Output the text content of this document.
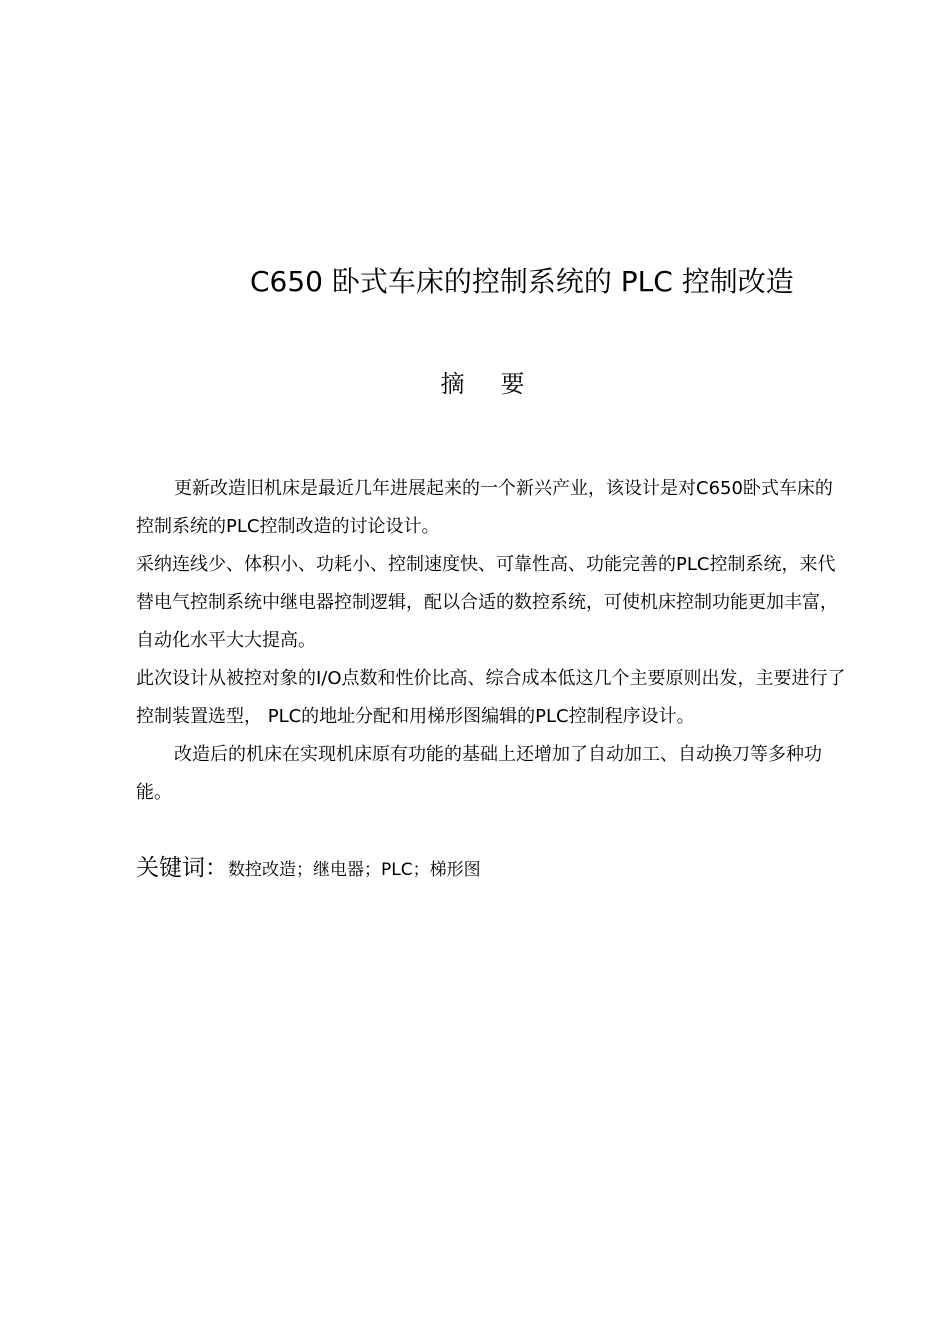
C650 卧式车床的控制系统的 PLC 控制改造
摘 要

更新改造旧机床是最近几年进展起来的一个新兴产业，该设计是对C650卧式车床的控制系统的PLC控制改造的讨论设计。

采纳连线少、体积小、功耗小、控制速度快、可靠性高、功能完善的PLC控制系统，来代替电气控制系统中继电器控制逻辑，配以合适的数控系统，可使机床控制功能更加丰富，自动化水平大大提高。

此次设计从被控对象的I/O点数和性价比高、综合成本低这几个主要原则出发，主要进行了控制装置选型， PLC的地址分配和用梯形图编辑的PLC控制程序设计。

改造后的机床在实现机床原有功能的基础上还增加了自动加工、自动换刀等多种功能。

关键词：数控改造；继电器；PLC；梯形图
